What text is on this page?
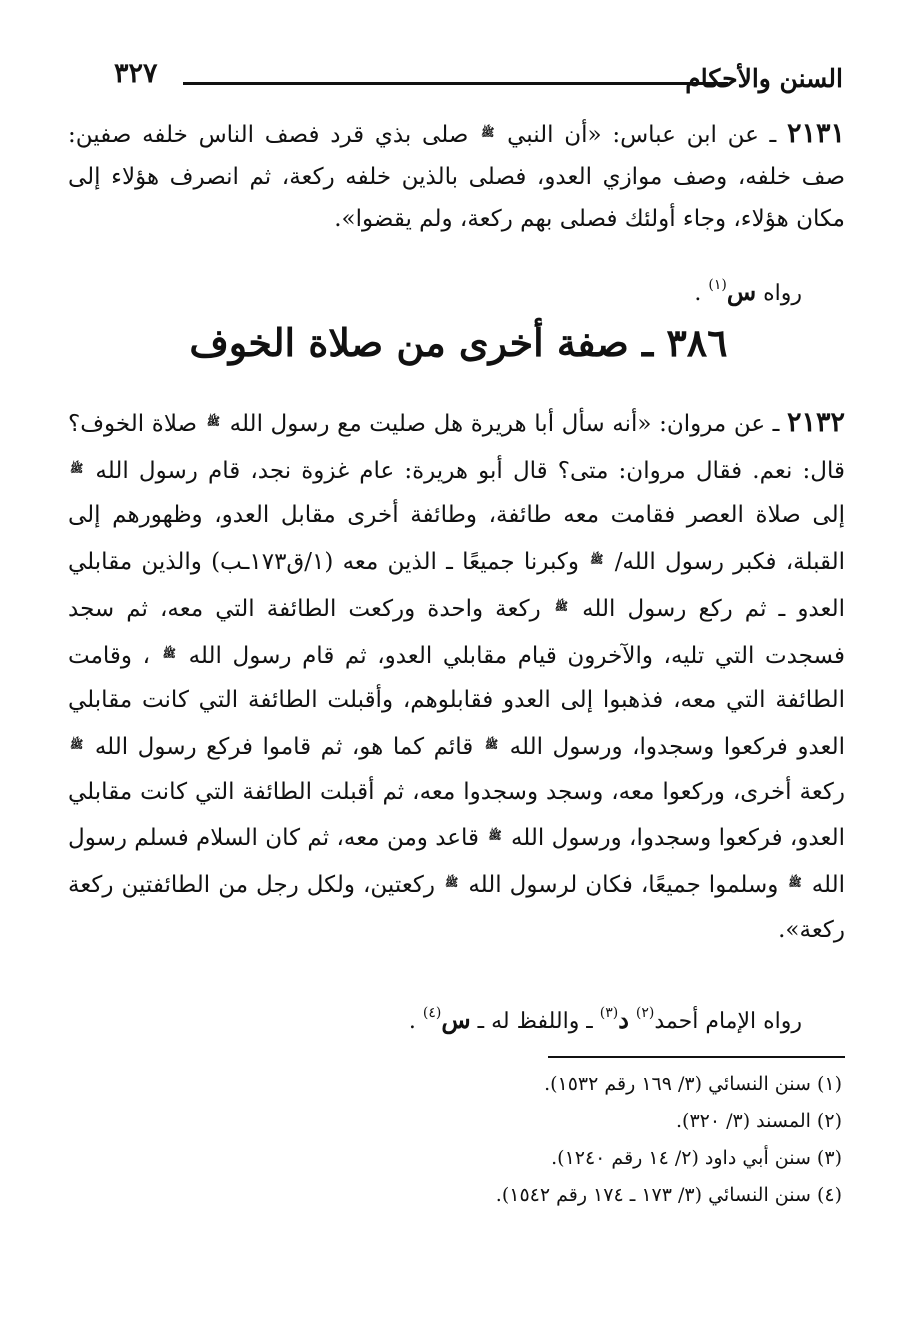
السنن والأحكام
٣٢٧
٢١٣١ ـ عن ابن عباس: «أن النبي ﷺ صلى بذي قرد فصف الناس خلفه صفين: صف خلفه، وصف موازي العدو، فصلى بالذين خلفه ركعة، ثم انصرف هؤلاء إلى مكان هؤلاء، وجاء أولئك فصلى بهم ركعة، ولم يقضوا».
رواه س$^{(١)}$ .
٣٨٦ ـ صفة أخرى من صلاة الخوف
٢١٣٢ ـ عن مروان: «أنه سأل أبا هريرة هل صليت مع رسول الله ﷺ صلاة الخوف؟ قال: نعم. فقال مروان: متى؟ قال أبو هريرة: عام غزوة نجد، قام رسول الله ﷺ إلى صلاة العصر فقامت معه طائفة، وطائفة أخرى مقابل العدو، وظهورهم إلى القبلة، فكبر رسول الله/ ﷺ وكبرنا جميعًا ـ الذين معه (١/ق١٧٣ـب) والذين مقابلي العدو ـ ثم ركع رسول الله ﷺ ركعة واحدة وركعت الطائفة التي معه، ثم سجد فسجدت التي تليه، والآخرون قيام مقابلي العدو، ثم قام رسول الله ﷺ ، وقامت الطائفة التي معه، فذهبوا إلى العدو فقابلوهم، وأقبلت الطائفة التي كانت مقابلي العدو فركعوا وسجدوا، ورسول الله ﷺ قائم كما هو، ثم قاموا فركع رسول الله ﷺ ركعة أخرى، وركعوا معه، وسجد وسجدوا معه، ثم أقبلت الطائفة التي كانت مقابلي العدو، فركعوا وسجدوا، ورسول الله ﷺ قاعد ومن معه، ثم كان السلام فسلم رسول الله ﷺ وسلموا جميعًا، فكان لرسول الله ﷺ ركعتين، ولكل رجل من الطائفتين ركعة ركعة».
رواه الإمام أحمد$^{(٢)}$ د$^{(٣)}$ ـ واللفظ له ـ س$^{(٤)}$ .
(١) سنن النسائي (٣/ ١٦٩ رقم ١٥٣٢).
(٢) المسند (٣/ ٣٢٠).
(٣) سنن أبي داود (٢/ ١٤ رقم ١٢٤٠).
(٤) سنن النسائي (٣/ ١٧٣ ـ ١٧٤ رقم ١٥٤٢).
